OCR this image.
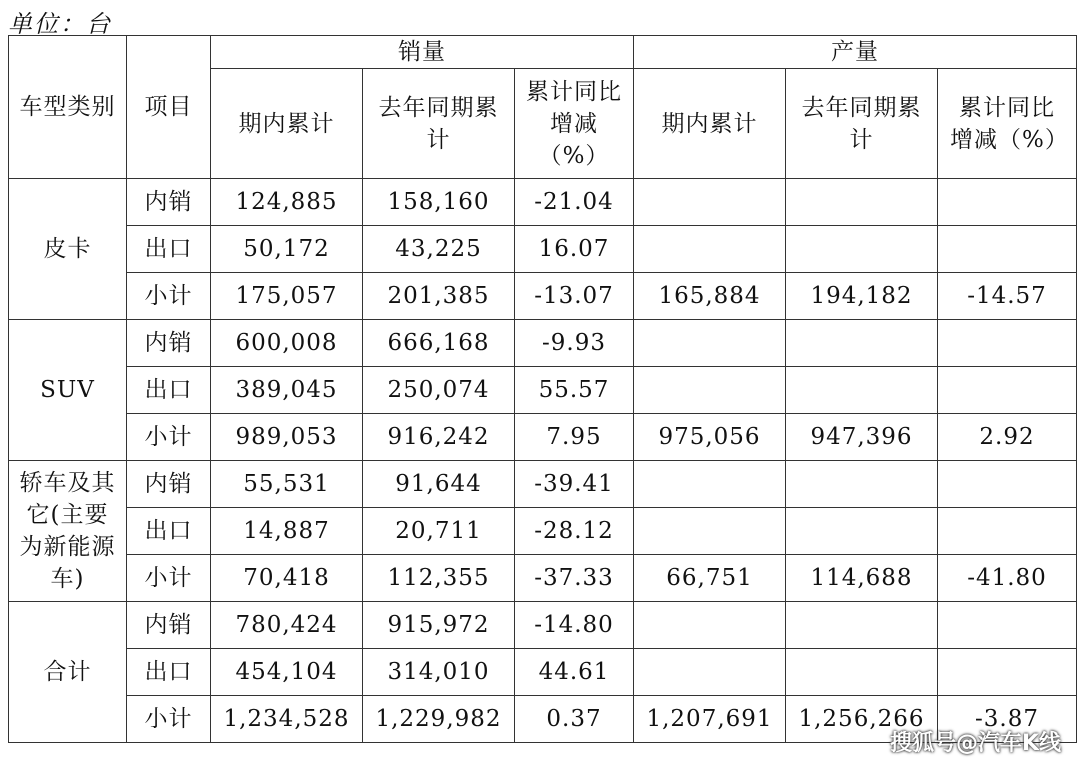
单位：台
车型类别	项目	销量			产量		
		期内累计	去年同期累计	累计同比增减（%）	期内累计	去年同期累计	累计同比增减（%）
皮卡	内销	124,885	158,160	-21.04			
	出口	50,172	43,225	16.07			
	小计	175,057	201,385	-13.07	165,884	194,182	-14.57
SUV	内销	600,008	666,168	-9.93			
	出口	389,045	250,074	55.57			
	小计	989,053	916,242	7.95	975,056	947,396	2.92
轿车及其它(主要为新能源车)	内销	55,531	91,644	-39.41			
	出口	14,887	20,711	-28.12			
	小计	70,418	112,355	-37.33	66,751	114,688	-41.80
合计	内销	780,424	915,972	-14.80			
	出口	454,104	314,010	44.61			
	小计	1,234,528	1,229,982	0.37	1,207,691	1,256,266	-3.87
搜狐号@汽车K线
